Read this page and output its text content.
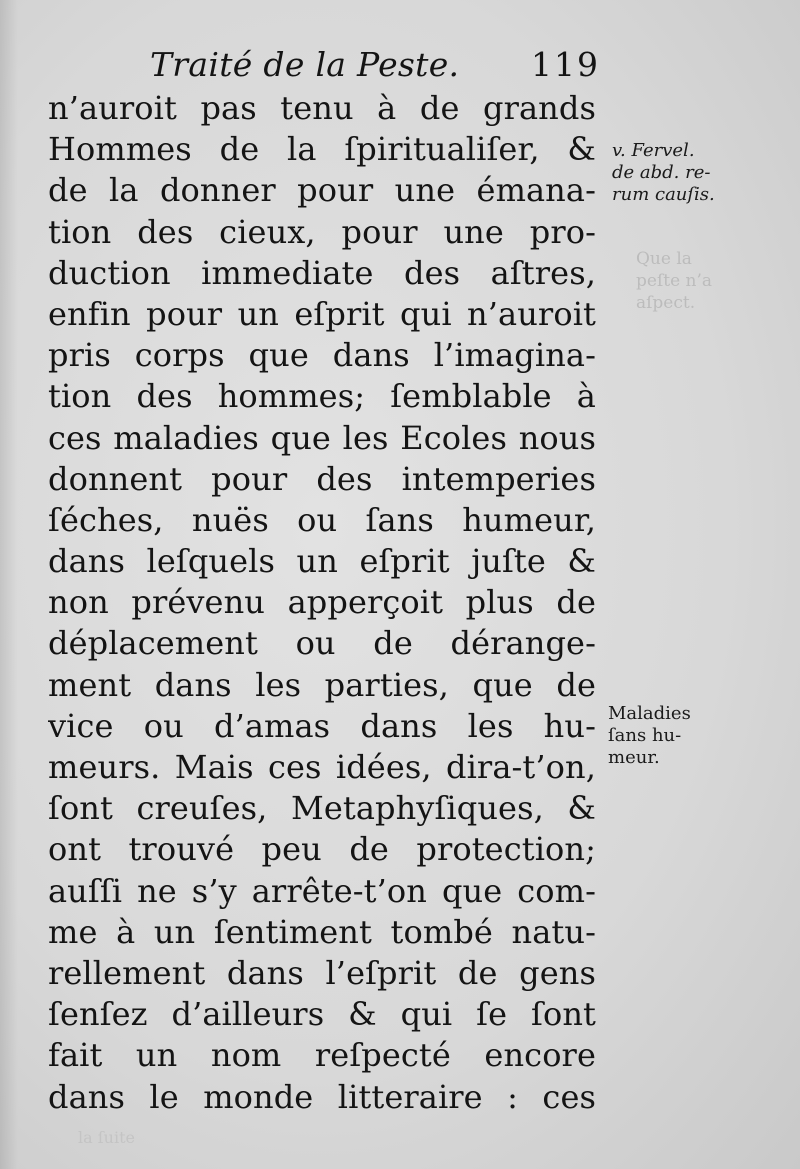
Traité de la Peste. 119
n’auroit pas tenu à de grands
Hommes de la ſpiritualiſer, &
de la donner pour une émana-
tion des cieux, pour une pro-
duction immediate des aſtres,
enfin pour un eſprit qui n’auroit
pris corps que dans l’imagina-
tion des hommes; ſemblable à
ces maladies que les Ecoles nous
donnent pour des intemperies
ſéches, nuës ou ſans humeur,
dans leſquels un eſprit juſte &
non prévenu apperçoit plus de
déplacement ou de dérange-
ment dans les parties, que de
vice ou d’amas dans les hu-
meurs. Mais ces idées, dira-t’on,
ſont creuſes, Metaphyſiques, &
ont trouvé peu de protection;
auſſi ne s’y arrête-t’on que com-
me à un ſentiment tombé natu-
rellement dans l’eſprit de gens
ſenſez d’ailleurs & qui ſe ſont
fait un nom reſpecté encore
dans le monde litteraire : ces
v. Fervel.
de abd. re-
rum cauſis.
Maladies
ſans hu-
meur.
Que la
peſte n’a
aſpect.
la ſuite
